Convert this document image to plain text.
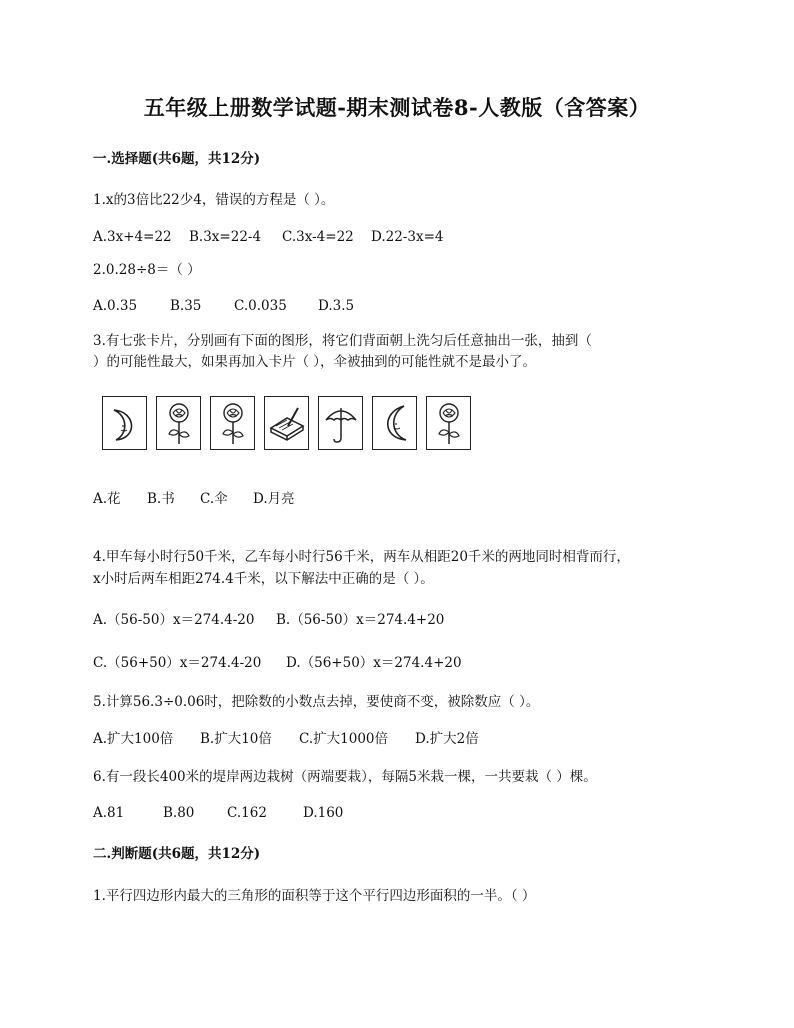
五年级上册数学试题-期末测试卷8-人教版（含答案）
一.选择题(共6题，共12分)
1.x的3倍比22少4，错误的方程是（ ）。
A.3x+4=22 B.3x=22-4 C.3x-4=22 D.22-3x=4
2.0.28÷8＝（ ）
A.0.35 B.35 C.0.035 D.3.5
3.有七张卡片，分别画有下面的图形，将它们背面朝上洗匀后任意抽出一张，抽到（
）的可能性最大，如果再加入卡片（ ），伞被抽到的可能性就不是最小了。
A.花 B.书 C.伞 D.月亮
4.甲车每小时行50千米，乙车每小时行56千米，两车从相距20千米的两地同时相背而行，
x小时后两车相距274.4千米，以下解法中正确的是（ ）。
A.（56-50）x＝274.4-20 B.（56-50）x＝274.4+20
C.（56+50）x＝274.4-20 D.（56+50）x＝274.4+20
5.计算56.3÷0.06时，把除数的小数点去掉，要使商不变，被除数应（ ）。
A.扩大100倍 B.扩大10倍 C.扩大1000倍 D.扩大2倍
6.有一段长400米的堤岸两边栽树（两端要栽），每隔5米栽一棵，一共要栽（ ）棵。
A.81	B.80 C.162	D.160
二.判断题(共6题，共12分)
1.平行四边形内最大的三角形的面积等于这个平行四边形面积的一半。（ ）
